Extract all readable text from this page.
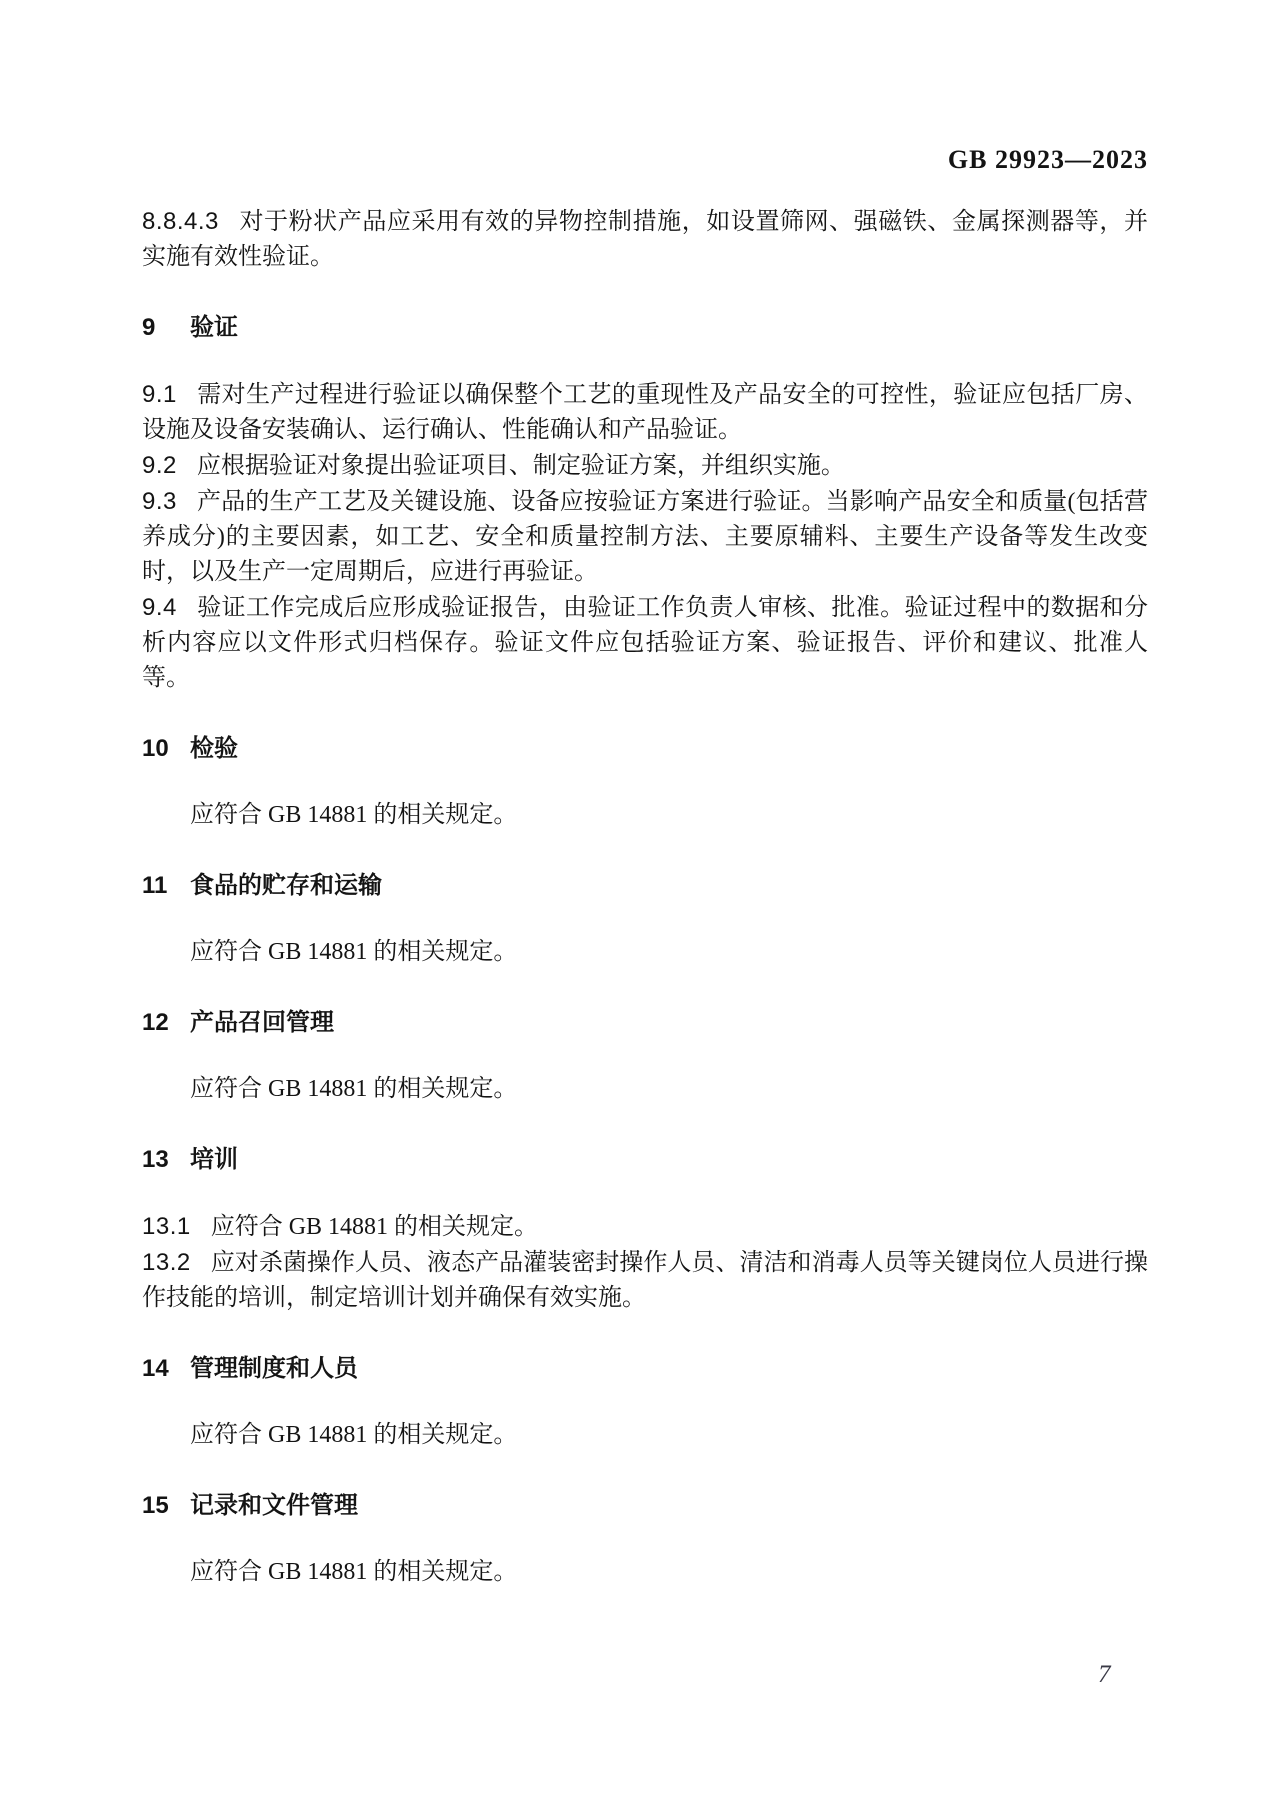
GB 29923—2023

8.8.4.3 对于粉状产品应采用有效的异物控制措施，如设置筛网、强磁铁、金属探测器等，并实施有效性验证。

9 验证

9.1 需对生产过程进行验证以确保整个工艺的重现性及产品安全的可控性，验证应包括厂房、设施及设备安装确认、运行确认、性能确认和产品验证。

9.2 应根据验证对象提出验证项目、制定验证方案，并组织实施。

9.3 产品的生产工艺及关键设施、设备应按验证方案进行验证。当影响产品安全和质量(包括营养成分)的主要因素，如工艺、安全和质量控制方法、主要原辅料、主要生产设备等发生改变时，以及生产一定周期后，应进行再验证。

9.4 验证工作完成后应形成验证报告，由验证工作负责人审核、批准。验证过程中的数据和分析内容应以文件形式归档保存。验证文件应包括验证方案、验证报告、评价和建议、批准人等。

10 检验

应符合 GB 14881 的相关规定。

11 食品的贮存和运输

应符合 GB 14881 的相关规定。

12 产品召回管理

应符合 GB 14881 的相关规定。

13 培训

13.1 应符合 GB 14881 的相关规定。

13.2 应对杀菌操作人员、液态产品灌装密封操作人员、清洁和消毒人员等关键岗位人员进行操作技能的培训，制定培训计划并确保有效实施。

14 管理制度和人员

应符合 GB 14881 的相关规定。

15 记录和文件管理

应符合 GB 14881 的相关规定。

7
